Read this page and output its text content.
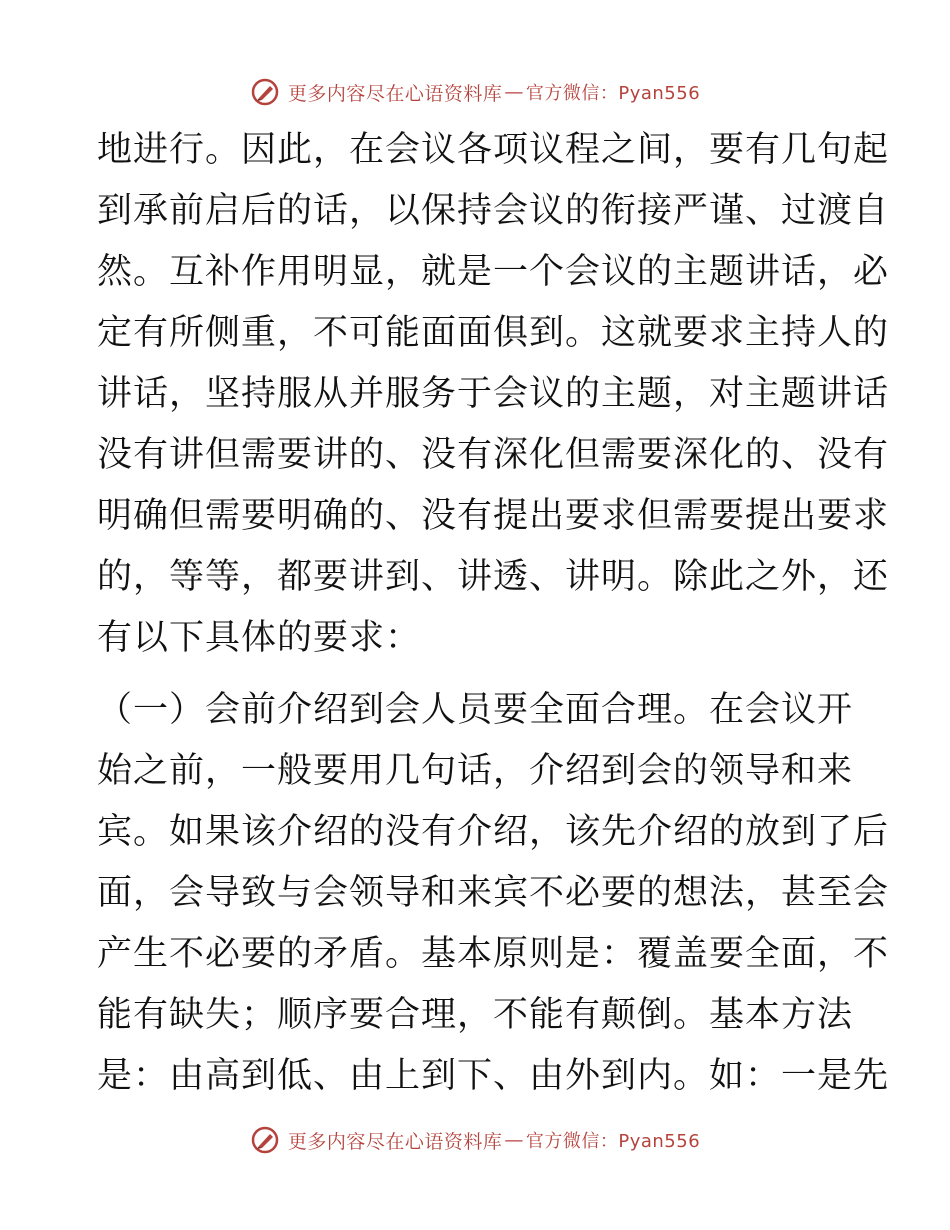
更多内容尽在心语资料库 — 官方微信：Pyan556
地进行。因此，在会议各项议程之间，要有几句起
到承前启后的话，以保持会议的衔接严谨、过渡自
然。互补作用明显，就是一个会议的主题讲话，必
定有所侧重，不可能面面俱到。这就要求主持人的
讲话，坚持服从并服务于会议的主题，对主题讲话
没有讲但需要讲的、没有深化但需要深化的、没有
明确但需要明确的、没有提出要求但需要提出要求
的，等等，都要讲到、讲透、讲明。除此之外，还
有以下具体的要求：
（一）会前介绍到会人员要全面合理。在会议开
始之前，一般要用几句话，介绍到会的领导和来
宾。如果该介绍的没有介绍，该先介绍的放到了后
面，会导致与会领导和来宾不必要的想法，甚至会
产生不必要的矛盾。基本原则是：覆盖要全面，不
能有缺失；顺序要合理，不能有颠倒。基本方法
是：由高到低、由上到下、由外到内。如：一是先
更多内容尽在心语资料库 — 官方微信：Pyan556
